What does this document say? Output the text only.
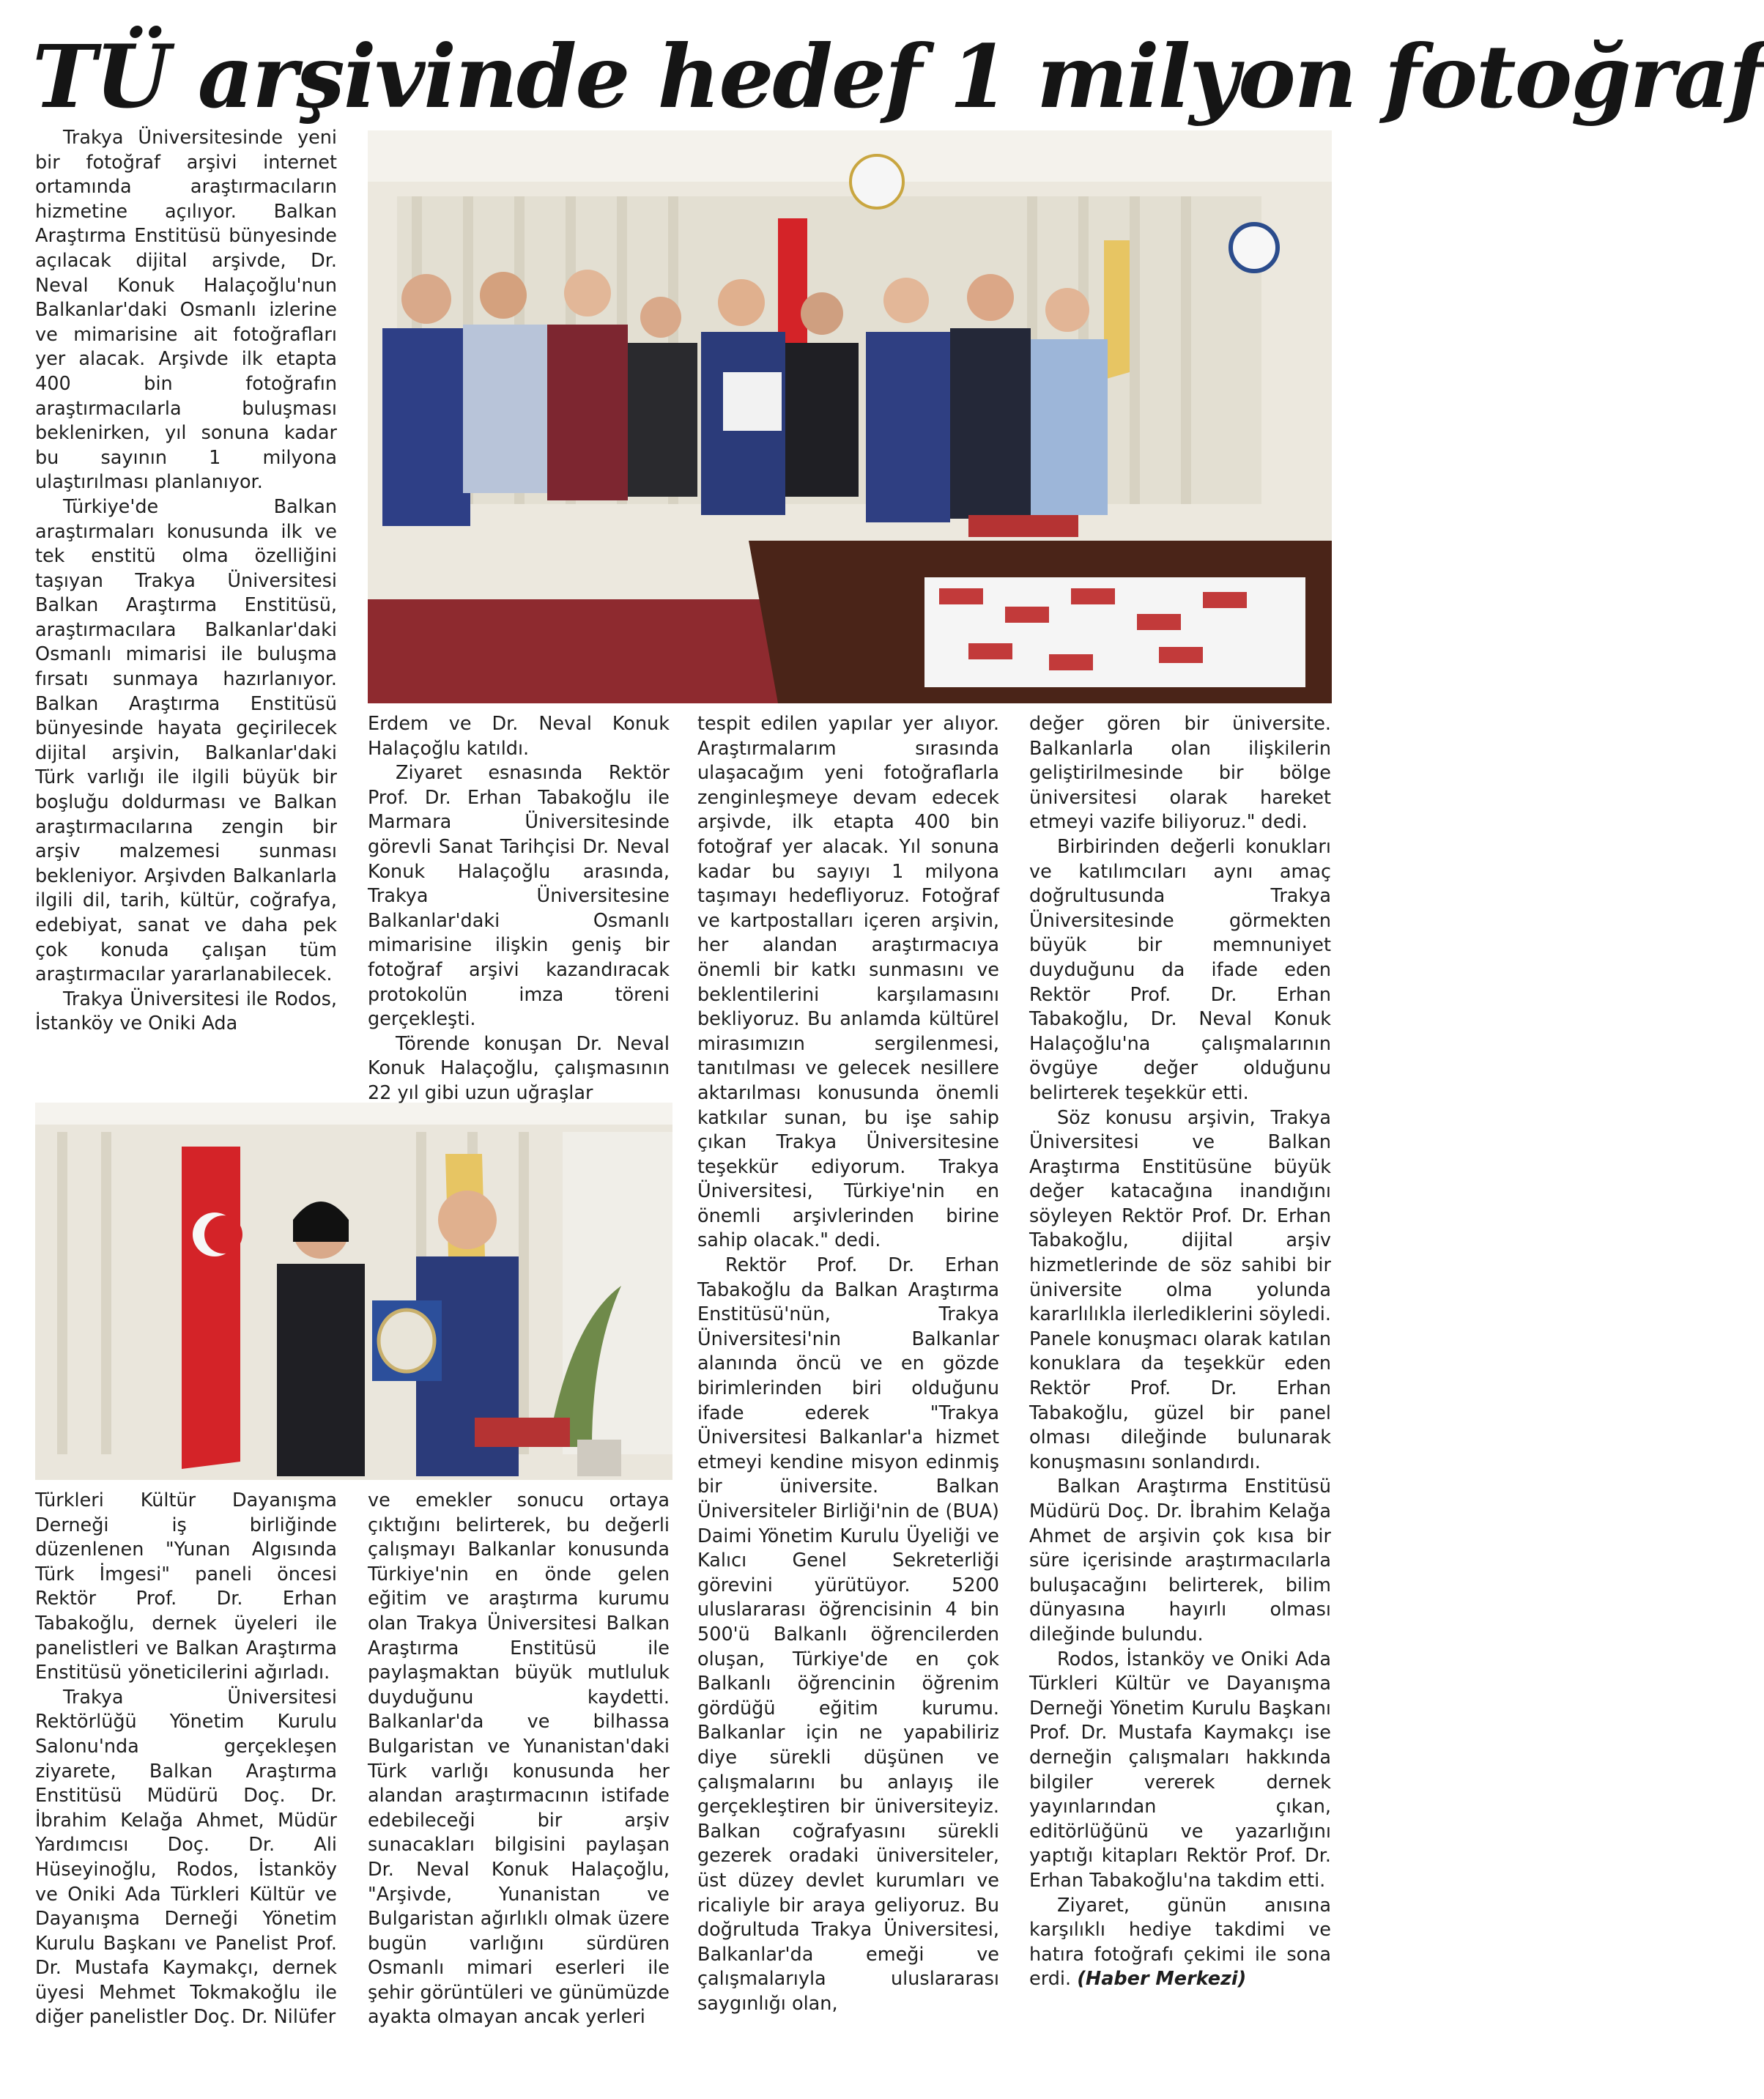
TÜ arşivinde hedef 1 milyon fotoğraf

Trakya Üniversitesinde yeni bir fotoğraf arşivi internet ortamında araştırmacıların hizmetine açılıyor. Balkan Araştırma Enstitüsü bünyesinde açılacak dijital arşivde, Dr. Neval Konuk Halaçoğlu'nun Balkanlar'daki Osmanlı izlerine ve mimarisine ait fotoğrafları yer alacak. Arşivde ilk etapta 400 bin fotoğrafın araştırmacılarla buluşması beklenirken, yıl sonuna kadar bu sayının 1 milyona ulaştırılması planlanıyor.

Türkiye'de Balkan araştırmaları konusunda ilk ve tek enstitü olma özelliğini taşıyan Trakya Üniversitesi Balkan Araştırma Enstitüsü, araştırmacılara Balkanlar'daki Osmanlı mimarisi ile buluşma fırsatı sunmaya hazırlanıyor. Balkan Araştırma Enstitüsü bünyesinde hayata geçirilecek dijital arşivin, Balkanlar'daki Türk varlığı ile ilgili büyük bir boşluğu doldurması ve Balkan araştırmacılarına zengin bir arşiv malzemesi sunması bekleniyor. Arşivden Balkanlarla ilgili dil, tarih, kültür, coğrafya, edebiyat, sanat ve daha pek çok konuda çalışan tüm araştırmacılar yararlanabilecek.

Trakya Üniversitesi ile Rodos, İstanköy ve Oniki Ada

Türkleri Kültür Dayanışma Derneği iş birliğinde düzenlenen "Yunan Algısında Türk İmgesi" paneli öncesi Rektör Prof. Dr. Erhan Tabakoğlu, dernek üyeleri ile panelistleri ve Balkan Araştırma Enstitüsü yöneticilerini ağırladı.

Trakya Üniversitesi Rektörlüğü Yönetim Kurulu Salonu'nda gerçekleşen ziyarete, Balkan Araştırma Enstitüsü Müdürü Doç. Dr. İbrahim Kelağa Ahmet, Müdür Yardımcısı Doç. Dr. Ali Hüseyinoğlu, Rodos, İstanköy ve Oniki Ada Türkleri Kültür ve Dayanışma Derneği Yönetim Kurulu Başkanı ve Panelist Prof. Dr. Mustafa Kaymakçı, dernek üyesi Mehmet Tokmakoğlu ile diğer panelistler Doç. Dr. Nilüfer

Erdem ve Dr. Neval Konuk Halaçoğlu katıldı.

Ziyaret esnasında Rektör Prof. Dr. Erhan Tabakoğlu ile Marmara Üniversitesinde görevli Sanat Tarihçisi Dr. Neval Konuk Halaçoğlu arasında, Trakya Üniversitesine Balkanlar'daki Osmanlı mimarisine ilişkin geniş bir fotoğraf arşivi kazandıracak protokolün imza töreni gerçekleşti.

Törende konuşan Dr. Neval Konuk Halaçoğlu, çalışmasının 22 yıl gibi uzun uğraşlar

ve emekler sonucu ortaya çıktığını belirterek, bu değerli çalışmayı Balkanlar konusunda Türkiye'nin en önde gelen eğitim ve araştırma kurumu olan Trakya Üniversitesi Balkan Araştırma Enstitüsü ile paylaşmaktan büyük mutluluk duyduğunu kaydetti. Balkanlar'da ve bilhassa Bulgaristan ve Yunanistan'daki Türk varlığı konusunda her alandan araştırmacının istifade edebileceği bir arşiv sunacakları bilgisini paylaşan Dr. Neval Konuk Halaçoğlu, "Arşivde, Yunanistan ve Bulgaristan ağırlıklı olmak üzere bugün varlığını sürdüren Osmanlı mimari eserleri ile şehir görüntüleri ve günümüzde ayakta olmayan ancak yerleri

tespit edilen yapılar yer alıyor. Araştırmalarım sırasında ulaşacağım yeni fotoğraflarla zenginleşmeye devam edecek arşivde, ilk etapta 400 bin fotoğraf yer alacak. Yıl sonuna kadar bu sayıyı 1 milyona taşımayı hedefliyoruz. Fotoğraf ve kartpostalları içeren arşivin, her alandan araştırmacıya önemli bir katkı sunmasını ve beklentilerini karşılamasını bekliyoruz. Bu anlamda kültürel mirasımızın sergilenmesi, tanıtılması ve gelecek nesillere aktarılması konusunda önemli katkılar sunan, bu işe sahip çıkan Trakya Üniversitesine teşekkür ediyorum. Trakya Üniversitesi, Türkiye'nin en önemli arşivlerinden birine sahip olacak." dedi.

Rektör Prof. Dr. Erhan Tabakoğlu da Balkan Araştırma Enstitüsü'nün, Trakya Üniversitesi'nin Balkanlar alanında öncü ve en gözde birimlerinden biri olduğunu ifade ederek "Trakya Üniversitesi Balkanlar'a hizmet etmeyi kendine misyon edinmiş bir üniversite. Balkan Üniversiteler Birliği'nin de (BUA) Daimi Yönetim Kurulu Üyeliği ve Kalıcı Genel Sekreterliği görevini yürütüyor. 5200 uluslararası öğrencisinin 4 bin 500'ü Balkanlı öğrencilerden oluşan, Türkiye'de en çok Balkanlı öğrencinin öğrenim gördüğü eğitim kurumu. Balkanlar için ne yapabiliriz diye sürekli düşünen ve çalışmalarını bu anlayış ile gerçekleştiren bir üniversiteyiz. Balkan coğrafyasını sürekli gezerek oradaki üniversiteler, üst düzey devlet kurumları ve ricaliyle bir araya geliyoruz. Bu doğrultuda Trakya Üniversitesi, Balkanlar'da emeği ve çalışmalarıyla uluslararası saygınlığı olan,

değer gören bir üniversite. Balkanlarla olan ilişkilerin geliştirilmesinde bir bölge üniversitesi olarak hareket etmeyi vazife biliyoruz." dedi.

Birbirinden değerli konukları ve katılımcıları aynı amaç doğrultusunda Trakya Üniversitesinde görmekten büyük bir memnuniyet duyduğunu da ifade eden Rektör Prof. Dr. Erhan Tabakoğlu, Dr. Neval Konuk Halaçoğlu'na çalışmalarının övgüye değer olduğunu belirterek teşekkür etti.

Söz konusu arşivin, Trakya Üniversitesi ve Balkan Araştırma Enstitüsüne büyük değer katacağına inandığını söyleyen Rektör Prof. Dr. Erhan Tabakoğlu, dijital arşiv hizmetlerinde de söz sahibi bir üniversite olma yolunda kararlılıkla ilerlediklerini söyledi. Panele konuşmacı olarak katılan konuklara da teşekkür eden Rektör Prof. Dr. Erhan Tabakoğlu, güzel bir panel olması dileğinde bulunarak konuşmasını sonlandırdı.

Balkan Araştırma Enstitüsü Müdürü Doç. Dr. İbrahim Kelağa Ahmet de arşivin çok kısa bir süre içerisinde araştırmacılarla buluşacağını belirterek, bilim dünyasına hayırlı olması dileğinde bulundu.

Rodos, İstanköy ve Oniki Ada Türkleri Kültür ve Dayanışma Derneği Yönetim Kurulu Başkanı Prof. Dr. Mustafa Kaymakçı ise derneğin çalışmaları hakkında bilgiler vererek dernek yayınlarından çıkan, editörlüğünü ve yazarlığını yaptığı kitapları Rektör Prof. Dr. Erhan Tabakoğlu'na takdim etti.

Ziyaret, günün anısına karşılıklı hediye takdimi ve hatıra fotoğrafı çekimi ile sona erdi. (Haber Merkezi)
